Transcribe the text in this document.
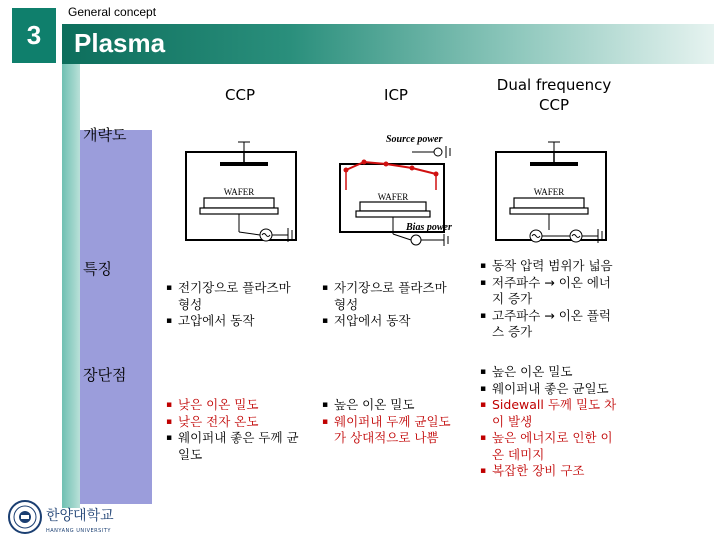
3
General concept
Plasma
CCP	ICP
Dual frequency
CCP
개략도
특징
장단점
WAFER
Source power
WAFER
Bias power
WAFER
▪ 전기장으로 플라즈마 형성
▪ 고압에서 동작
▪ 자기장으로 플라즈마 형성
▪ 저압에서 동작
▪ 동작 압력 범위가 넓음
▪ 저주파수 → 이온 에너지 증가
▪ 고주파수 → 이온 플럭스 증가
▪ 낮은 이온 밀도
▪ 낮은 전자 온도
▪ 웨이퍼내 좋은 두께 균일도
▪ 높은 이온 밀도
▪ 웨이퍼내 두께 균일도가 상대적으로 나쁨
▪ 높은 이온 밀도
▪ 웨이퍼내 좋은 균일도
▪ Sidewall 두께 밀도 차이 발생
▪ 높은 에너지로 인한 이온 데미지
▪ 복잡한 장비 구조
한양대학교
HANYANG UNIVERSITY
